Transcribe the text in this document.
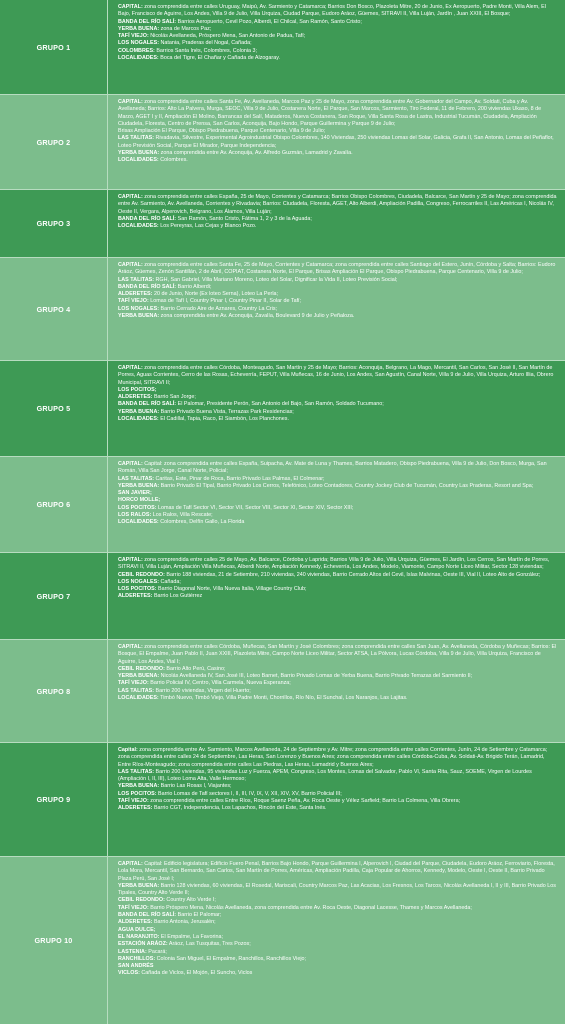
GRUPO 1
CAPITAL: zona comprendida entre calles Uruguay, Maipú, Av. Sarmiento y Catamarca; Barrios Don Bosco, Plazoleta Mitre, 20 de Junio, Ex Aeropuerto, Padre Monti, Villa Alem, El Bajo, Francisco de Aguirre, Los Andes, Villa 9 de Julio, Villa Urquiza, Ciudad Parque, Eudoro Aráoz, Güemes, SITRAVI II, Villa Luján, Jardín , Juan XXIII, El Bosque;
BANDA DEL RÍO SALÍ: Barrios Aeropuerto, Cevil Pozo, Alberdi, El Chilcal, San Ramón, Santo Cristo;
YERBA BUENA: zona de Marcos Paz;
TAFÍ VIEJO: Nicolás Avellaneda, Próspero Mena, San Antonio de Padua, Tafí;
LOS NOGALES: Natania, Praderas del Nogal, Cañada;
COLOMBRES: Barrios Santa Inés, Colombres, Colonia 3;
LOCALIDADES: Boca del Tigre, El Chañar y Cañada de Alzogaray.
GRUPO 2
CAPITAL: zona comprendida entre calles Santa Fe, Av. Avellaneda, Marcos Paz y 25 de Mayo, zona comprendida entre Av. Gobernador del Campo, Av. Soldati, Cuba y Av. Avellaneda; Barrios: Alto La Palvera, Murga, SEOC, Villa 9 de Julio, Costanera Norte, El Parque, San Marcos, Sarmiento, Tiro Federal, 11 de Febrero, 200 viviendas Ukaso, 8 de Marzo, AGET I y II, Ampliación El Molino, Barrancas del Salí, Mataderos, Nueva Costanera, San Roque, Villa Santa Rosa de Lastra, Industrial Tucumán, Ciudadela, Ampliación Ciudadela, Floresta, Centro de Prensa, San Carlos, Aconquija, Bajo Hondo, Parque Guillermina y Parque 9 de Julio;
Brisas Ampliación El Parque, Obispo Piedrabuena, Parque Centenario, Villa 9 de Julio;
LAS TALITAS: Rivadavia, Silvestre, Experimental Agroindustrial Obispo Colombres, 140 Viviendas, 250 viviendas Lomas del Solar, Galicia, Grafa II, San Antonio, Lomas del Peñaflor, Loteo Previsión Social, Parque El Mirador, Parque Independencia;
YERBA BUENA: zona comprendida entre Av. Aconquija, Av. Alfredo Guzmán, Lamadrid y Zavalía.
LOCALIDADES: Colombres.
GRUPO 3
CAPITAL: zona comprendida entre calles España, 25 de Mayo, Corrientes y Catamarca; Barrios Obispo Colombres, Ciudadela, Balcarce, San Martín y 25 de Mayo; zona comprendida entre Av. Sarmiento, Av. Avellaneda, Corrientes y Rivadavia; Barrios: Ciudadela, Floresta, AGET, Alto Alberdi, Ampliación Padilla, Congreso, Ferrocarriles II, Las Américas I, Nicolás IV, Oeste II, Vergara, Alperovich, Belgrano, Los Álamos, Villa Luján;
BANDA DEL RÍO SALÍ: San Ramón, Santo Cristo, Fátima 1, 2 y 3 de la Aguada;
LOCALIDADES: Los Pereyras, Las Cejas y Blanco Pozo.
GRUPO 4
CAPITAL: zona comprendida entre calles Santa Fe, 25 de Mayo, Corrientes y Catamarca; zona comprendida entre calles Santiago del Estero, Junín, Córdoba y Salta; Barrios: Eudoro Aráoz, Güemes, Zenón Santillán, 2 de Abril, COPIAT, Costanera Norte, El Parque, Brisas Ampliación El Parque, Obispo Piedrabuena, Parque Centenario, Villa 9 de Julio;
LAS TALITAS: RGH, San Gabriel, Villa Mariano Moreno, Loteo del Solar, Dignificar la Vida II, Loteo Previsión Social;
BANDA DEL RÍO SALÍ: Barrio Alberdi;
ALDERETES: 20 de Junio, Norte (Ex loteo Serna), Loteo La Perla;
TAFÍ VIEJO: Lomas de Tafí I, Country Pinar I, Country Pinar II, Solar de Tafí;
LOS NOGALES: Barrio Cerrado Aire de Aznares, Country La Cris;
YERBA BUENA: zona comprendida entre Av. Aconquija, Zavalía, Boulevard 9 de Julio y Peñaloza.
GRUPO 5
CAPITAL: zona comprendida entre calles Córdoba, Monteagudo, San Martín y 25 de Mayo; Barrios: Aconquija, Belgrano, La Mago, Mercantil, San Carlos, San José II, San Martín de Porres, Aguas Corrientes, Cerro de las Rosas, Echeverría, FEPUT, Villa Muñecas, 16 de Junio, Los Andes, San Agustín, Canal Norte, Villa 9 de Julio, Villa Urquiza, Arturo Illia, Obrero Municipal, SITRAVI II;
LOS POCITOS;
ALDERETES: Barrio San Jorge;
BANDA DEL RÍO SALÍ: El Palomar, Presidente Perón, San Antonio del Bajo, San Ramón, Soldado Tucumano;
YERBA BUENA: Barrio Privado Buena Vista, Terrazas Park Residencias;
LOCALIDADES: El Cadillal, Tapia, Raco, El Siambón, Los Planchones.
GRUPO 6
CAPITAL: Capital: zona comprendida entre calles España, Suipacha, Av. Mate de Luna y Thames, Barrios Matadero, Obispo Piedrabuena, Villa 9 de Julio, Don Bosco, Murga, San Román, Villa San Jorge, Canal Norte, Policial;
LAS TALITAS: Caritas, Este, Pinar de Roca, Barrio Privado Las Palmas, El Colmenar;
YERBA BUENA: Barrio Privado El Tipal, Barrio Privado Los Cerros, Telefónico, Loteo Contadores, Country Jockey Club de Tucumán, Country Las Praderas, Resort and Spa;
SAN JAVIER;
HORCO MOLLE;
LOS POCITOS: Lomas de Tafí Sector VI, Sector VII, Sector VIII, Sector XI, Sector XIV, Sector XIII;
LOS RALOS: Los Ralos, Villa Rescate;
LOCALIDADES: Colombres, Delfín Gallo, La Florida
GRUPO 7
CAPITAL: zona comprendida entre calles 25 de Mayo, Av. Balcarce, Córdoba y Laprida; Barrios Villa 9 de Julio, Villa Urquiza, Güemes, El Jardín, Los Cerros, San Martín de Porres, SITRAVI II, Villa Luján, Ampliación Villa Muñecas, Alberdi Norte, Ampliación Kennedy, Echeverría, Los Andes, Modelo, Viamonte, Campo Norte Liceo Militar, Sector 128 viviendas;
CEBIL REDONDO: Barrio 188 viviendas, 21 de Setiembre, 210 viviendas, 240 viviendas, Barrio Cerrado Altos del Cevil, Islas Malvinas, Oeste III, Vial II, Loteo Alto de González;
LOS NOGALES: Cañada;
LOS POCITOS: Barrio Diagonal Norte, Villa Nueva Italia, Village Country Club;
ALDERETES: Barrio Los Gutiérrez
GRUPO 8
CAPITAL: zona comprendida entre calles Córdoba, Muñecas, San Martín y José Colombres; zona comprendida entre calles San Juan, Av. Avellaneda, Córdoba y Muñecas; Barrios: El Bosque, El Empalme, Juan Pablo II, Juan XXIII, Plazoleta Mitre, Campo Norte Liceo Militar, Sector ATSA, La Pólvora, Lucas Córdoba, Villa 9 de Julio, Villa Urquiza, Francisco de Aguirre, Los Andes, Vial I;
CEBIL REDONDO: Barrio Alto Perú, Casino;
YERBA BUENA: Nicolás Avellaneda IV, San José III, Loteo Barnet, Barrio Privado Lomas de Yerba Buena, Barrio Privado Terrazas del Sarmiento II;
TAFÍ VIEJO: Barrio Policial IV, Centro, Villa Carmela, Nueva Esperanza;
LAS TALITAS: Barrio 200 viviendas, Virgen del Huerto;
LOCALIDADES: Timbó Nuevo, Timbó Viejo, Villa Padre Monti, Chorrillos, Río Nío, El Sunchal, Los Naranjos, Las Lajitas.
GRUPO 9
Capital: zona comprendida entre Av. Sarmiento, Marcos Avellaneda, 24 de Septiembre y Av. Mitre; zona comprendida entre calles Corrientes, Junín, 24 de Setiembre y Catamarca; zona comprendida entre calles 24 de Septiembre, Las Heras, San Lorenzo y Buenos Aires; zona comprendida entre calles Córdoba-Cuba, Av. Soldati-Av. Brigido Terán, Lamadrid, Entre Ríos-Monteagudo; zona comprendida entre calles Las Piedras, Las Heras, Lamadrid y Buenos Aires;
LAS TALITAS: Barrio 200 viviendas, 95 viviendas Luz y Fuerza, APEM, Congreso, Los Montes, Lomas del Salvador, Pablo VI, Santa Rita, Sauz, SOEME, Virgen de Lourdes (Ampliación I, II, III), Loteo Loma Alta, Valle Hermoso;
YERBA BUENA: Barrio Las Rosas I, Viajantes;
LOS POCITOS: Barrio Lomas de Tafí sectores I, II, III, IV, IX, V, XII, XIV, XV, Barrio Policial III;
TAFÍ VIEJO: zona comprendida entre calles Entre Ríos, Roque Saenz Peña, Av. Roca Oeste y Vélez Sarfield; Barrio La Colmena, Villa Obrera;
ALDERETES: Barrio CGT, Independencia, Los Lapachos, Rincón del Este, Santa Inés.
GRUPO 10
CAPITAL: Capital: Edificio legislatura; Edificio Fuero Penal, Barrios Bajo Hondo, Parque Guillermina I, Alperovich I, Ciudad del Parque, Ciudadela, Eudoro Aráoz, Ferroviario, Floresta, Lola Mora, Mercantil, San Bernardo, San Carlos, San Martín de Porres, Américas, Ampliación Padilla, Caja Popular de Ahorros, Kennedy, Modelo, Oeste I, Oeste II, Barrio Privado Plaza Perú, San José I;
YERBA BUENA: Barrio 128 viviendas, 60 viviendas, El Rosedal, Mariscali, Country Marcos Paz, Las Acacias, Los Fresnos, Los Tarcos, Nicolás Avellaneda I, II y III, Barrio Privado Los Tipales, Country Alto Verde II;
CEBIL REDONDO: Country Alto Verde I;
TAFÍ VIEJO: Barrio Próspero Mena, Nicolás Avellaneda, zona comprendida entre Av. Roca Oeste, Diagonal Lacesse, Thames y Marcos Avellaneda;
BANDA DEL RÍO SALÍ: Barrio El Palomar;
ALDERETES: Barrio Antonia, Jerusalén;
AGUA DULCE;
EL NARANJITO: El Empalme, La Favorina;
ESTACIÓN ARÁOZ: Aráoz, Las Tusquitas, Tres Pozos;
LASTENIA: Pacará;
RANCHILLOS: Colonia San Miguel, El Empalme, Ranchillos, Ranchillos Viejo;
SAN ANDRÉS
VICLOS: Cañada de Viclos, El Mojón, El Suncho, Viclos
